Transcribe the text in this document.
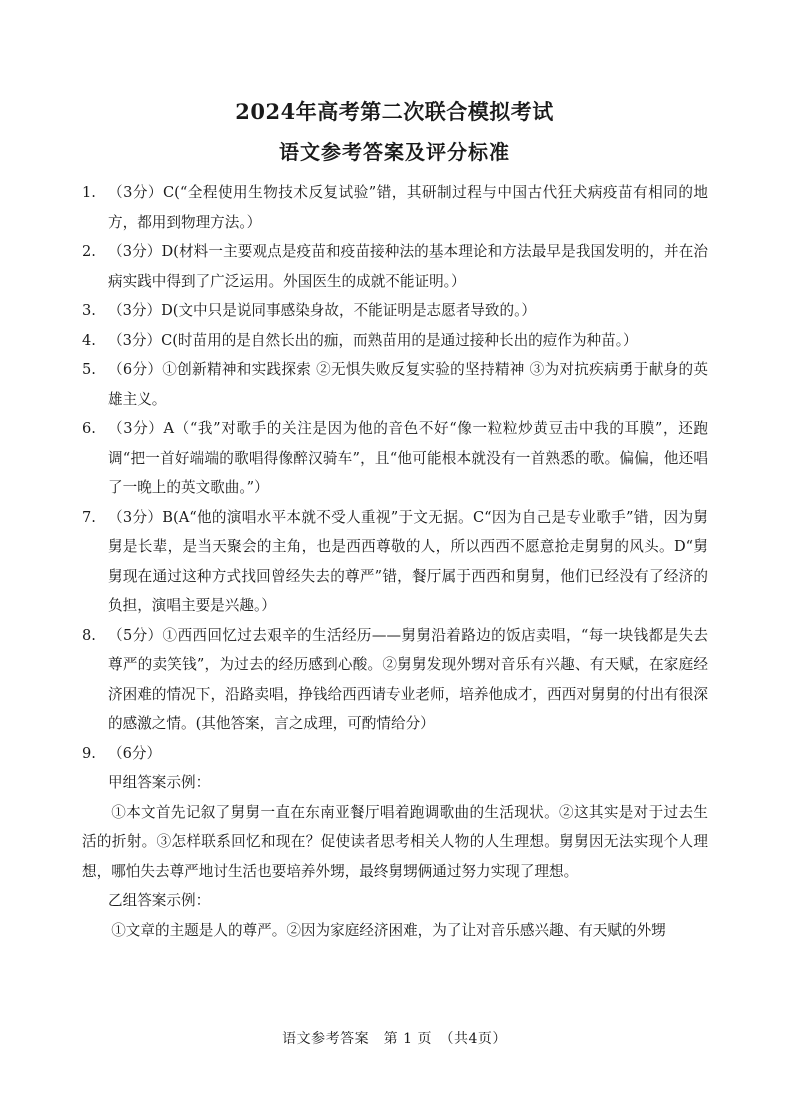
2024年高考第二次联合模拟考试
语文参考答案及评分标准
1. （3分）C(“全程使用生物技术反复试验”错，其研制过程与中国古代狂犬病疫苗有相同的地方，都用到物理方法。）
2. （3分）D(材料一主要观点是疫苗和疫苗接种法的基本理论和方法最早是我国发明的，并在治病实践中得到了广泛运用。外国医生的成就不能证明。）
3. （3分）D(文中只是说同事感染身故，不能证明是志愿者导致的。）
4. （3分）C(时苗用的是自然长出的痂，而熟苗用的是通过接种长出的痘作为种苗。）
5. （6分）①创新精神和实践探索 ②无惧失败反复实验的坚持精神 ③为对抗疾病勇于献身的英雄主义。
6. （3分）A（“我”对歌手的关注是因为他的音色不好“像一粒粒炒黄豆击中我的耳膜”，还跑调“把一首好端端的歌唱得像醉汉骑车”，且“他可能根本就没有一首熟悉的歌。偏偏，他还唱了一晚上的英文歌曲。”）
7. （3分）B(A“他的演唱水平本就不受人重视”于文无据。C“因为自己是专业歌手”错，因为舅舅是长辈，是当天聚会的主角，也是西西尊敬的人，所以西西不愿意抢走舅舅的风头。D“舅舅现在通过这种方式找回曾经失去的尊严”错，餐厅属于西西和舅舅，他们已经没有了经济的负担，演唱主要是兴趣。）
8. （5分）①西西回忆过去艰辛的生活经历——舅舅沿着路边的饭店卖唱，“每一块钱都是失去尊严的卖笑钱”，为过去的经历感到心酸。②舅舅发现外甥对音乐有兴趣、有天赋，在家庭经济困难的情况下，沿路卖唱，挣钱给西西请专业老师，培养他成才，西西对舅舅的付出有很深的感激之情。(其他答案，言之成理，可酌情给分）
9. （6分）
甲组答案示例：
①本文首先记叙了舅舅一直在东南亚餐厅唱着跑调歌曲的生活现状。②这其实是对于过去生活的折射。③怎样联系回忆和现在？促使读者思考相关人物的人生理想。舅舅因无法实现个人理想，哪怕失去尊严地讨生活也要培养外甥，最终舅甥俩通过努力实现了理想。
乙组答案示例：
①文章的主题是人的尊严。②因为家庭经济困难，为了让对音乐感兴趣、有天赋的外甥
语文参考答案　第 1 页　（共4页）
